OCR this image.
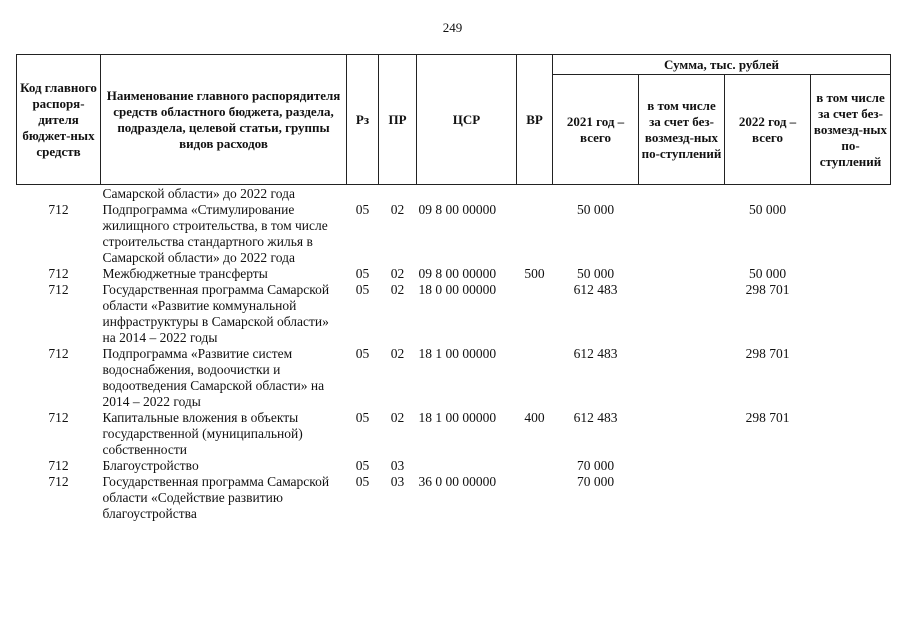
249
Код главного распоря-дителя бюджет-ных средств	Наименование главного распорядителя средств областного бюджета, раздела, подраздела, целевой статьи, группы видов расходов	Рз	ПР	ЦСР	ВР	Сумма, тыс. рублей			
						2021 год – всего	в том числе за счет без-возмезд-ных по-ступлений	2022 год – всего	в том числе за счет без-возмезд-ных по-ступлений
	Самарской области» до 2022 года								
712	Подпрограмма «Стимулирование жилищного строительства, в том числе строительства стандартного жилья в Самарской области» до 2022 года	05	02	09 8 00 00000		50 000		50 000	
712	Межбюджетные трансферты	05	02	09 8 00 00000	500	50 000		50 000	
712	Государственная программа Самарской области «Развитие коммунальной инфраструктуры в Самарской области» на 2014 – 2022 годы	05	02	18 0 00 00000		612 483		298 701	
712	Подпрограмма «Развитие систем водоснабжения, водоочистки и водоотведения Самарской области» на 2014 – 2022 годы	05	02	18 1 00 00000		612 483		298 701	
712	Капитальные вложения в объекты государственной (муниципальной) собственности	05	02	18 1 00 00000	400	612 483		298 701	
712	Благоустройство	05	03			70 000			
712	Государственная программа Самарской области «Содействие развитию благоустройства	05	03	36 0 00 00000		70 000			
